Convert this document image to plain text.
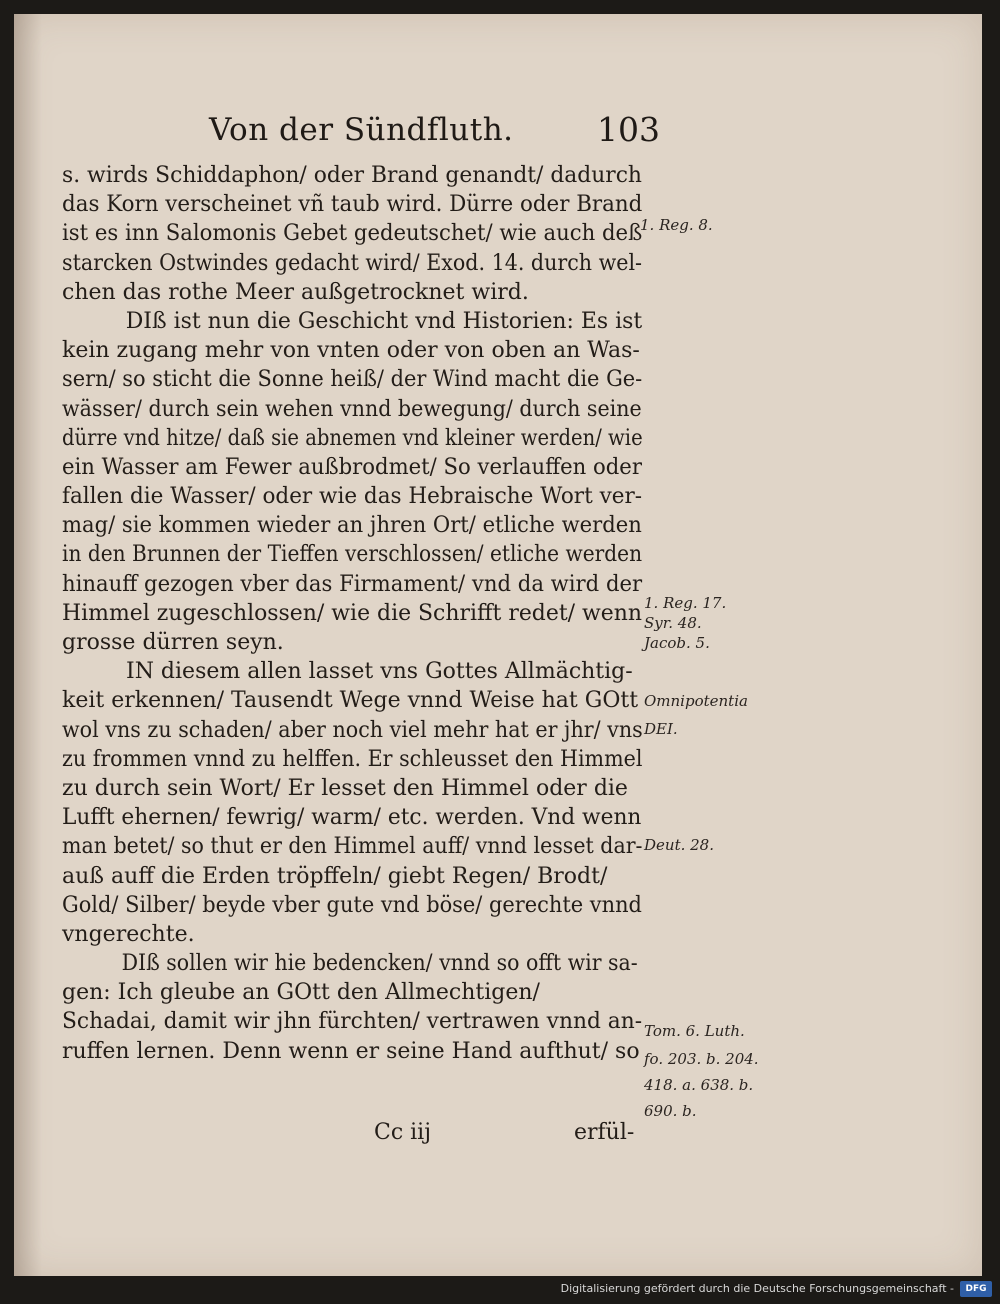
Von der Sündfluth.	103
s. wirds Schiddaphon/ oder Brand genandt/ dadurch
das Korn verscheinet vñ taub wird. Dürre oder Brand
ist es inn Salomonis Gebet gedeutschet/ wie auch deß
starcken Ostwindes gedacht wird/ Exod. 14. durch wel-
chen das rothe Meer außgetrocknet wird.
DIß ist nun die Geschicht vnd Historien: Es ist
kein zugang mehr von vnten oder von oben an Was-
sern/ so sticht die Sonne heiß/ der Wind macht die Ge-
wässer/ durch sein wehen vnnd bewegung/ durch seine
dürre vnd hitze/ daß sie abnemen vnd kleiner werden/ wie
ein Wasser am Fewer außbrodmet/ So verlauffen oder
fallen die Wasser/ oder wie das Hebraische Wort ver-
mag/ sie kommen wieder an jhren Ort/ etliche werden
in den Brunnen der Tieffen verschlossen/ etliche werden
hinauff gezogen vber das Firmament/ vnd da wird der
Himmel zugeschlossen/ wie die Schrifft redet/ wenn
grosse dürren seyn.
IN diesem allen lasset vns Gottes Allmächtig-
keit erkennen/ Tausendt Wege vnnd Weise hat GOtt
wol vns zu schaden/ aber noch viel mehr hat er jhr/ vns
zu frommen vnnd zu helffen. Er schleusset den Himmel
zu durch sein Wort/ Er lesset den Himmel oder die
Lufft ehernen/ fewrig/ warm/ etc. werden. Vnd wenn
man betet/ so thut er den Himmel auff/ vnnd lesset dar-
auß auff die Erden tröpffeln/ giebt Regen/ Brodt/
Gold/ Silber/ beyde vber gute vnd böse/ gerechte vnnd
vngerechte.
DIß sollen wir hie bedencken/ vnnd so offt wir sa-
gen: Ich gleube an GOtt den Allmechtigen/
Schadai, damit wir jhn fürchten/ vertrawen vnnd an-
ruffen lernen. Denn wenn er seine Hand aufthut/ so
1. Reg. 8.
1. Reg. 17.
Syr. 48.
Jacob. 5.
Omnipotentia
DEI.
Deut. 28.
Tom. 6. Luth.
fo. 203. b. 204.
418. a. 638. b.
690. b.
Cc iij	erfül-
Digitalisierung gefördert durch die Deutsche Forschungsgemeinschaft -	DFG
